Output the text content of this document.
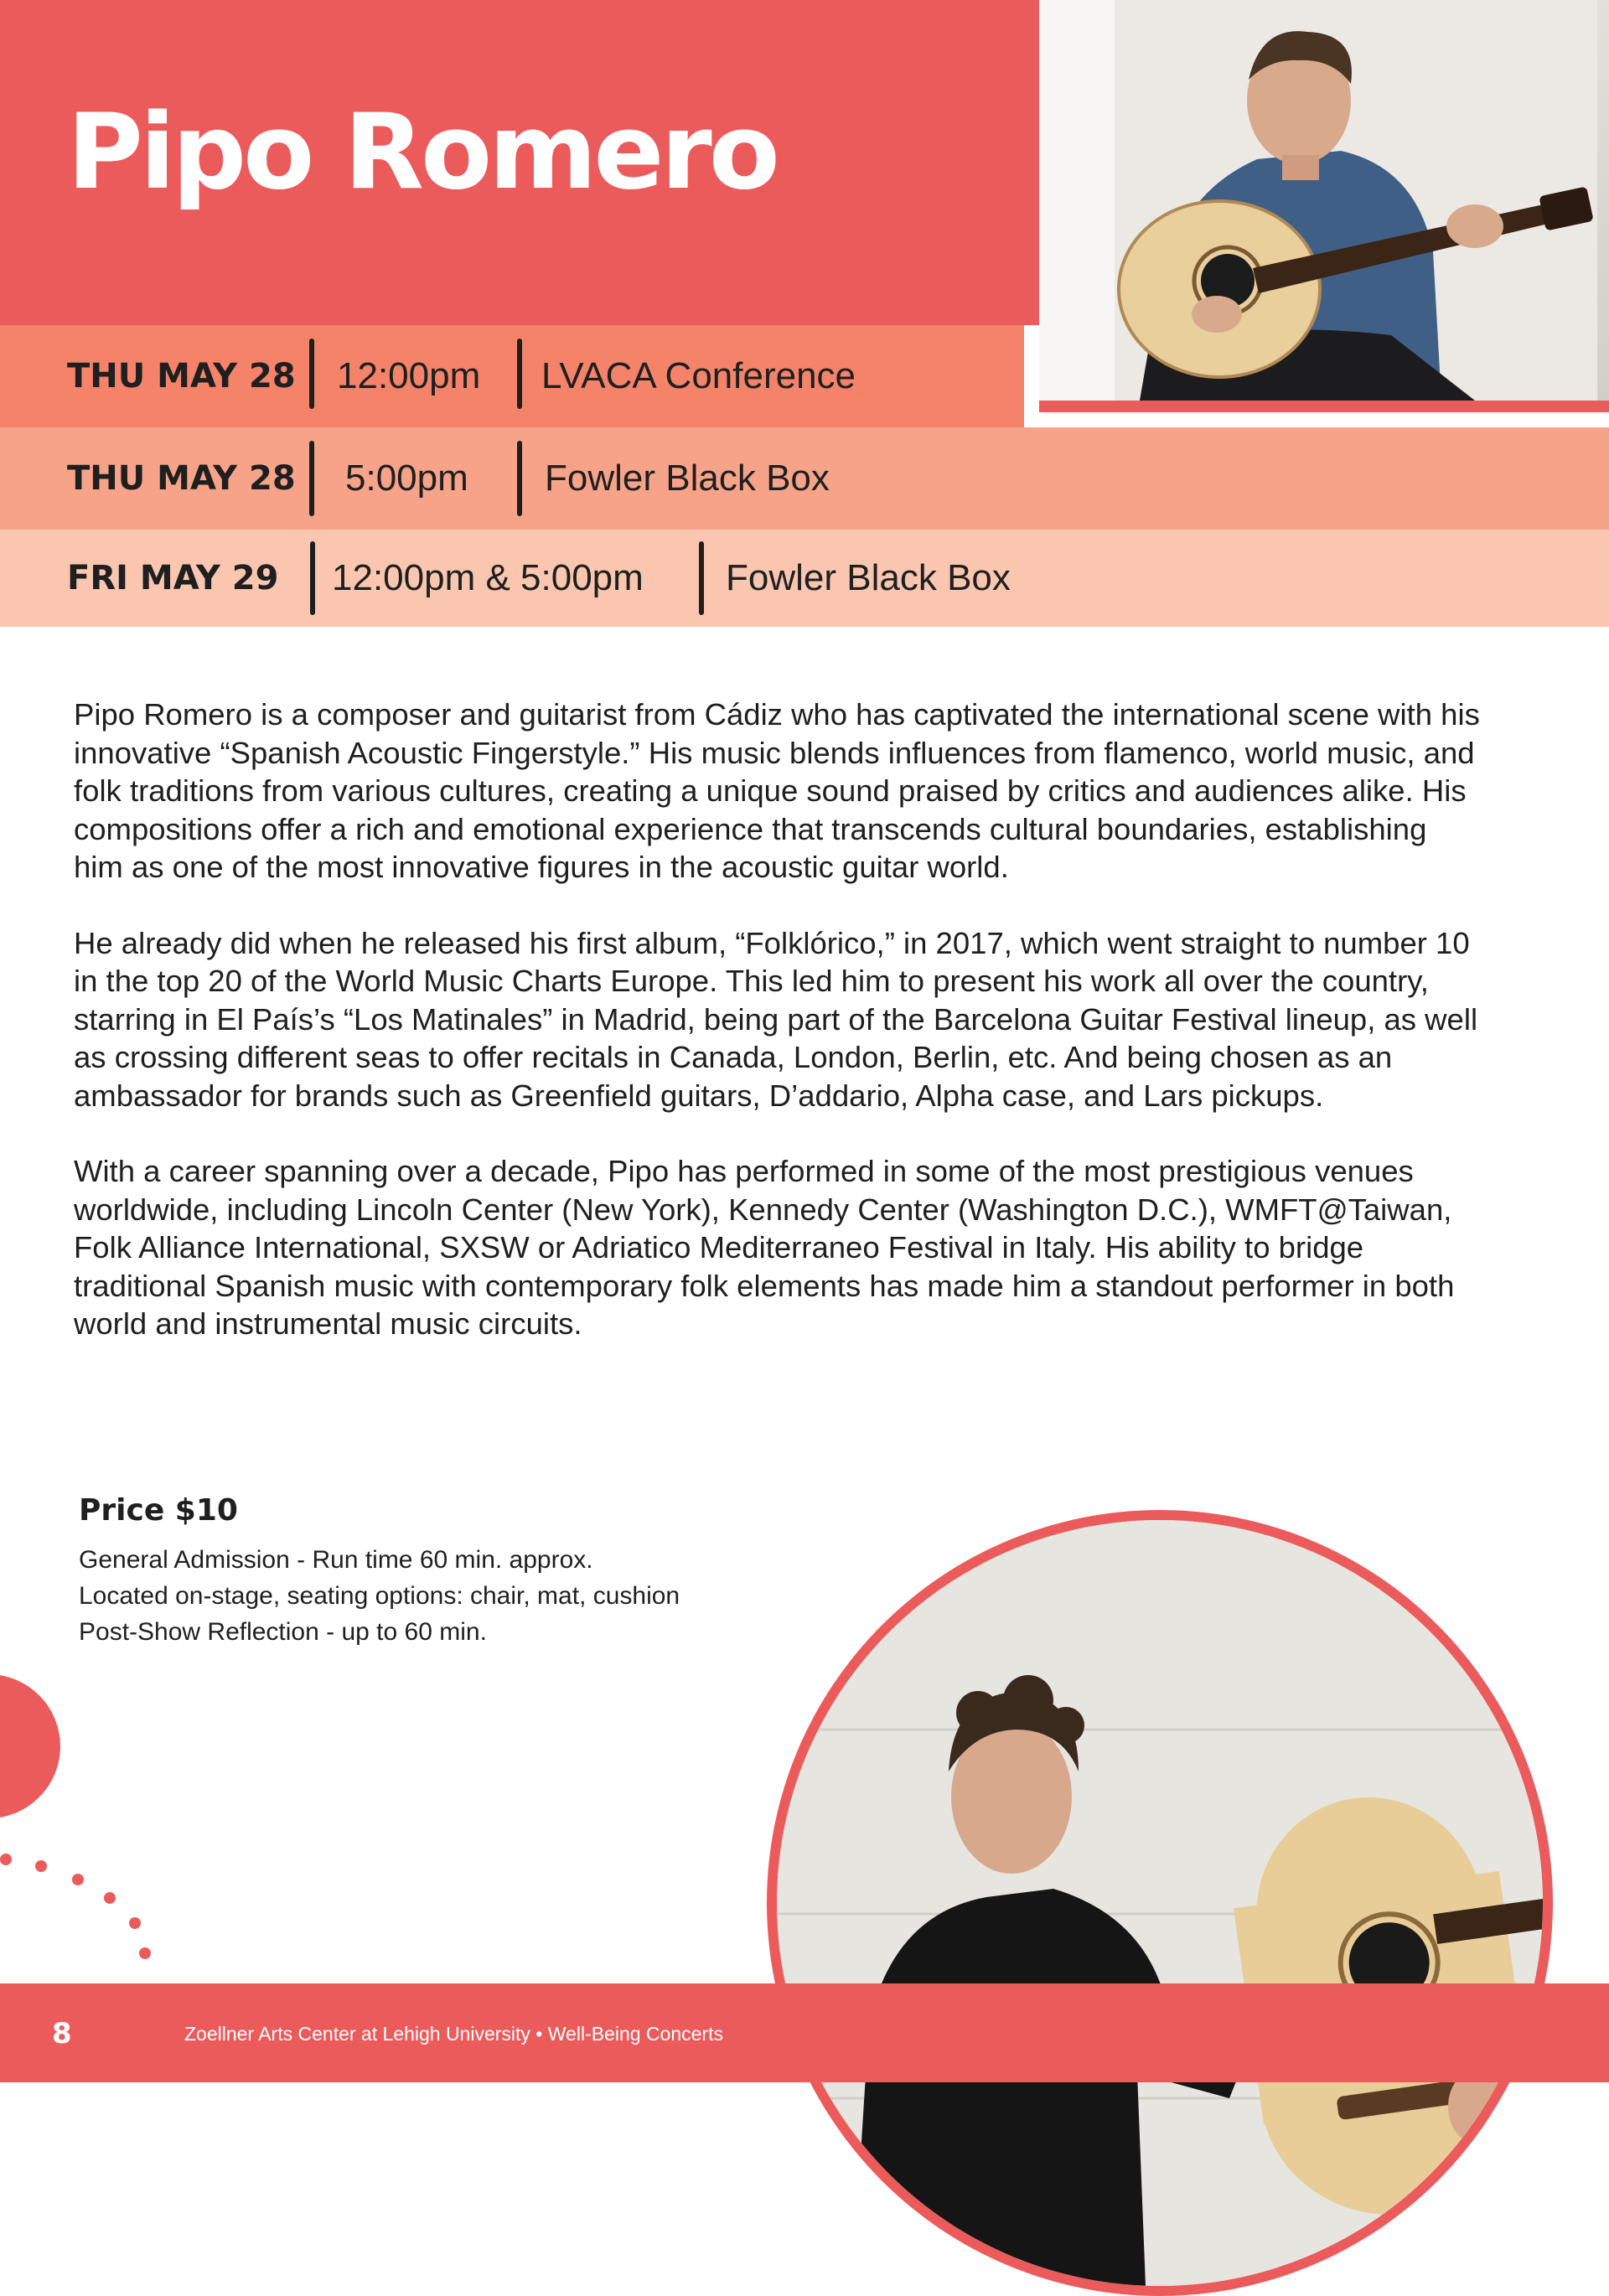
Pipo Romero
THU MAY 28 12:00pm LVACA Conference
THU MAY 28 5:00pm Fowler Black Box
FRI MAY 29 12:00pm & 5:00pm Fowler Black Box

Pipo Romero is a composer and guitarist from Cádiz who has captivated the international scene with his innovative “Spanish Acoustic Fingerstyle.” His music blends influences from flamenco, world music, and folk traditions from various cultures, creating a unique sound praised by critics and audiences alike. His compositions offer a rich and emotional experience that transcends cultural boundaries, establishing him as one of the most innovative figures in the acoustic guitar world.

He already did when he released his first album, “Folklórico,” in 2017, which went straight to number 10 in the top 20 of the World Music Charts Europe. This led him to present his work all over the country, starring in El País’s “Los Matinales” in Madrid, being part of the Barcelona Guitar Festival lineup, as well as crossing different seas to offer recitals in Canada, London, Berlin, etc. And being chosen as an ambassador for brands such as Greenfield guitars, D’addario, Alpha case, and Lars pickups.

With a career spanning over a decade, Pipo has performed in some of the most prestigious venues worldwide, including Lincoln Center (New York), Kennedy Center (Washington D.C.), WMFT@Taiwan, Folk Alliance International, SXSW or Adriatico Mediterraneo Festival in Italy. His ability to bridge traditional Spanish music with contemporary folk elements has made him a standout performer in both world and instrumental music circuits.

Price $10
General Admission - Run time 60 min. approx.
Located on-stage, seating options: chair, mat, cushion
Post-Show Reflection - up to 60 min.
8	Zoellner Arts Center at Lehigh University • Well-Being Concerts
